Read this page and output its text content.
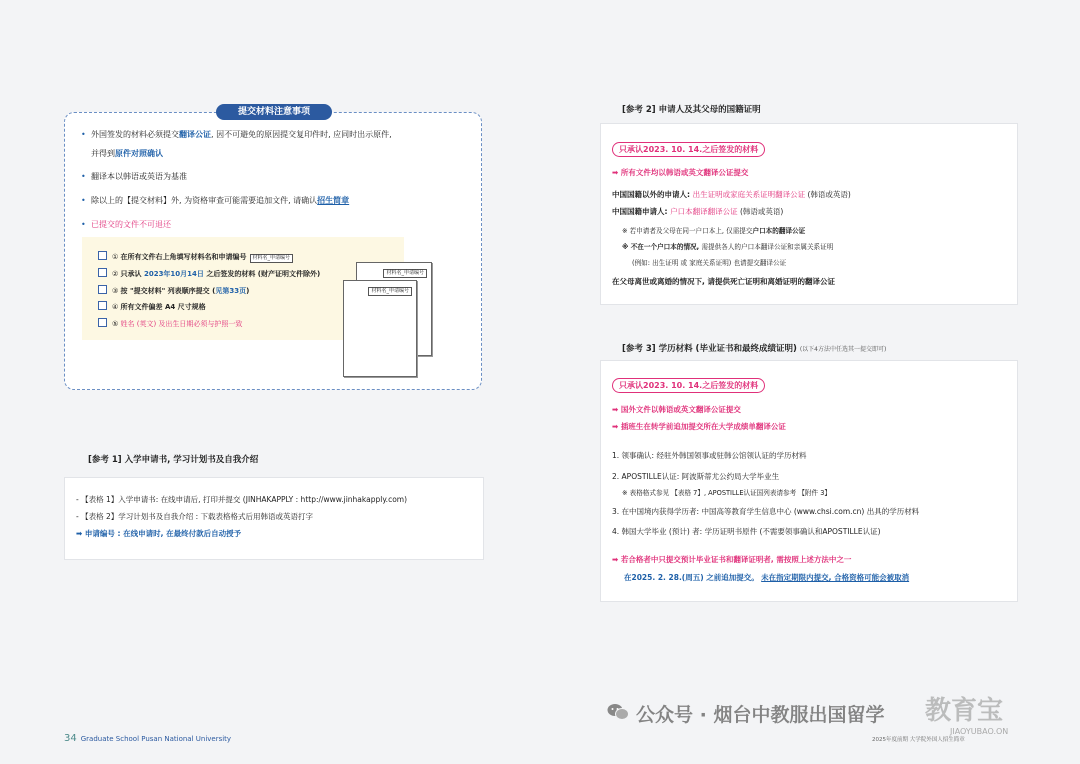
提交材料注意事项
• 外国签发的材料必须提交翻译公证, 因不可避免的原因提交复印件时, 应同时出示原件,
并得到原件对照确认
• 翻译本以韩语或英语为基准
• 除以上的【提交材料】外, 为资格审查可能需要追加文件, 请确认招生简章
• 已提交的文件不可退还
① 在所有文件右上角填写材料名和申请编号 材料名_申请编号
② 只承认 2023年10月14日 之后签发的材料 (财产证明文件除外)
③ 按 "提交材料" 列表顺序提交 (见第33页)
④ 所有文件偏差 A4 尺寸规格
⑤ 姓名 (英文) 及出生日期必须与护照一致
材料名_申请编号
材料名_申请编号
[参考 1] 入学申请书, 学习计划书及自我介绍
- 【表格 1】入学申请书: 在线申请后, 打印并提交 (JINHAKAPPLY : http://www.jinhakapply.com)
- 【表格 2】学习计划书及自我介绍 : 下载表格格式后用韩语或英语打字
➡ 申请编号 : 在线申请时, 在最终付款后自动授予
[参考 2] 申请人及其父母的国籍证明
只承认2023. 10. 14.之后签发的材料
➡ 所有文件均以韩语或英文翻译公证提交
中国国籍以外的申请人: 出生证明或家庭关系证明翻译公证 (韩语或英语)
中国国籍申请人: 户口本翻译翻译公证 (韩语或英语)
※ 若申请者及父母在同一户口本上, 仅需提交户口本的翻译公证
※ 不在一个户口本的情况, 需提供各人的户口本翻译公证和亲属关系证明
(例如: 出生证明 或 家庭关系证明) 也请提交翻译公证
在父母离世或离婚的情况下, 请提供死亡证明和离婚证明的翻译公证
[参考 3] 学历材料 (毕业证书和最终成绩证明) (以下4方法中任选其一提交即可)
只承认2023. 10. 14.之后签发的材料
➡ 国外文件以韩语或英文翻译公证提交
➡ 插班生在转学前追加提交所在大学成绩单翻译公证
1. 领事确认: 经驻外韩国领事或驻韩公馆领认证的学历材料
2. APOSTILLE认证: 阿波斯蒂尤公约局大学毕业生
※ 表格格式参见 【表格 7】, APOSTILLE认证国列表请参考 【附件 3】
3. 在中国境内获得学历者: 中国高等教育学生信息中心 (www.chsi.com.cn) 出具的学历材料
4. 韩国大学毕业 (预计) 者: 学历证明书原件 (不需要领事确认和APOSTILLE认证)
➡ 若合格者中只提交预计毕业证书和翻译证明者, 需按照上述方法中之一
在2025. 2. 28.(周五) 之前追加提交。 未在指定期限内提交, 合格资格可能会被取消
34 Graduate School Pusan National University	2025年度前期 大学院外国人招生简章
公众号 · 烟台中教服出国留学 教育宝
JIAOYUBAO.ON
